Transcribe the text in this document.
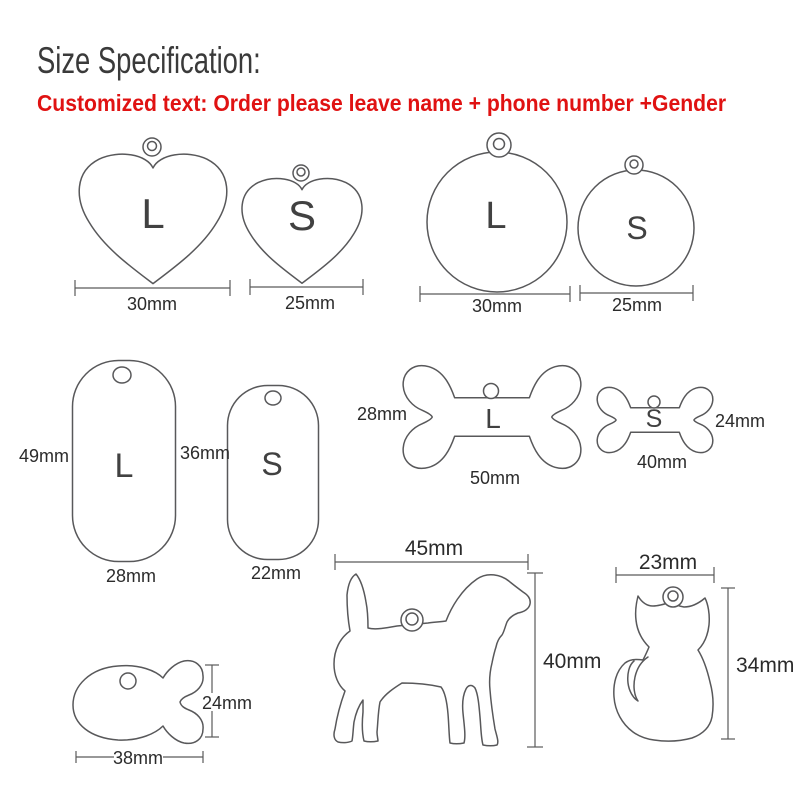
Size Specification:
Customized text: Order please leave name + phone number +Gender
L
30mm
S
25mm
L
30mm
S
25mm
L
49mm
28mm
S
36mm
22mm
L
28mm
50mm
S	24mm
40mm
24mm
38mm
45mm
40mm
23mm
34mm
